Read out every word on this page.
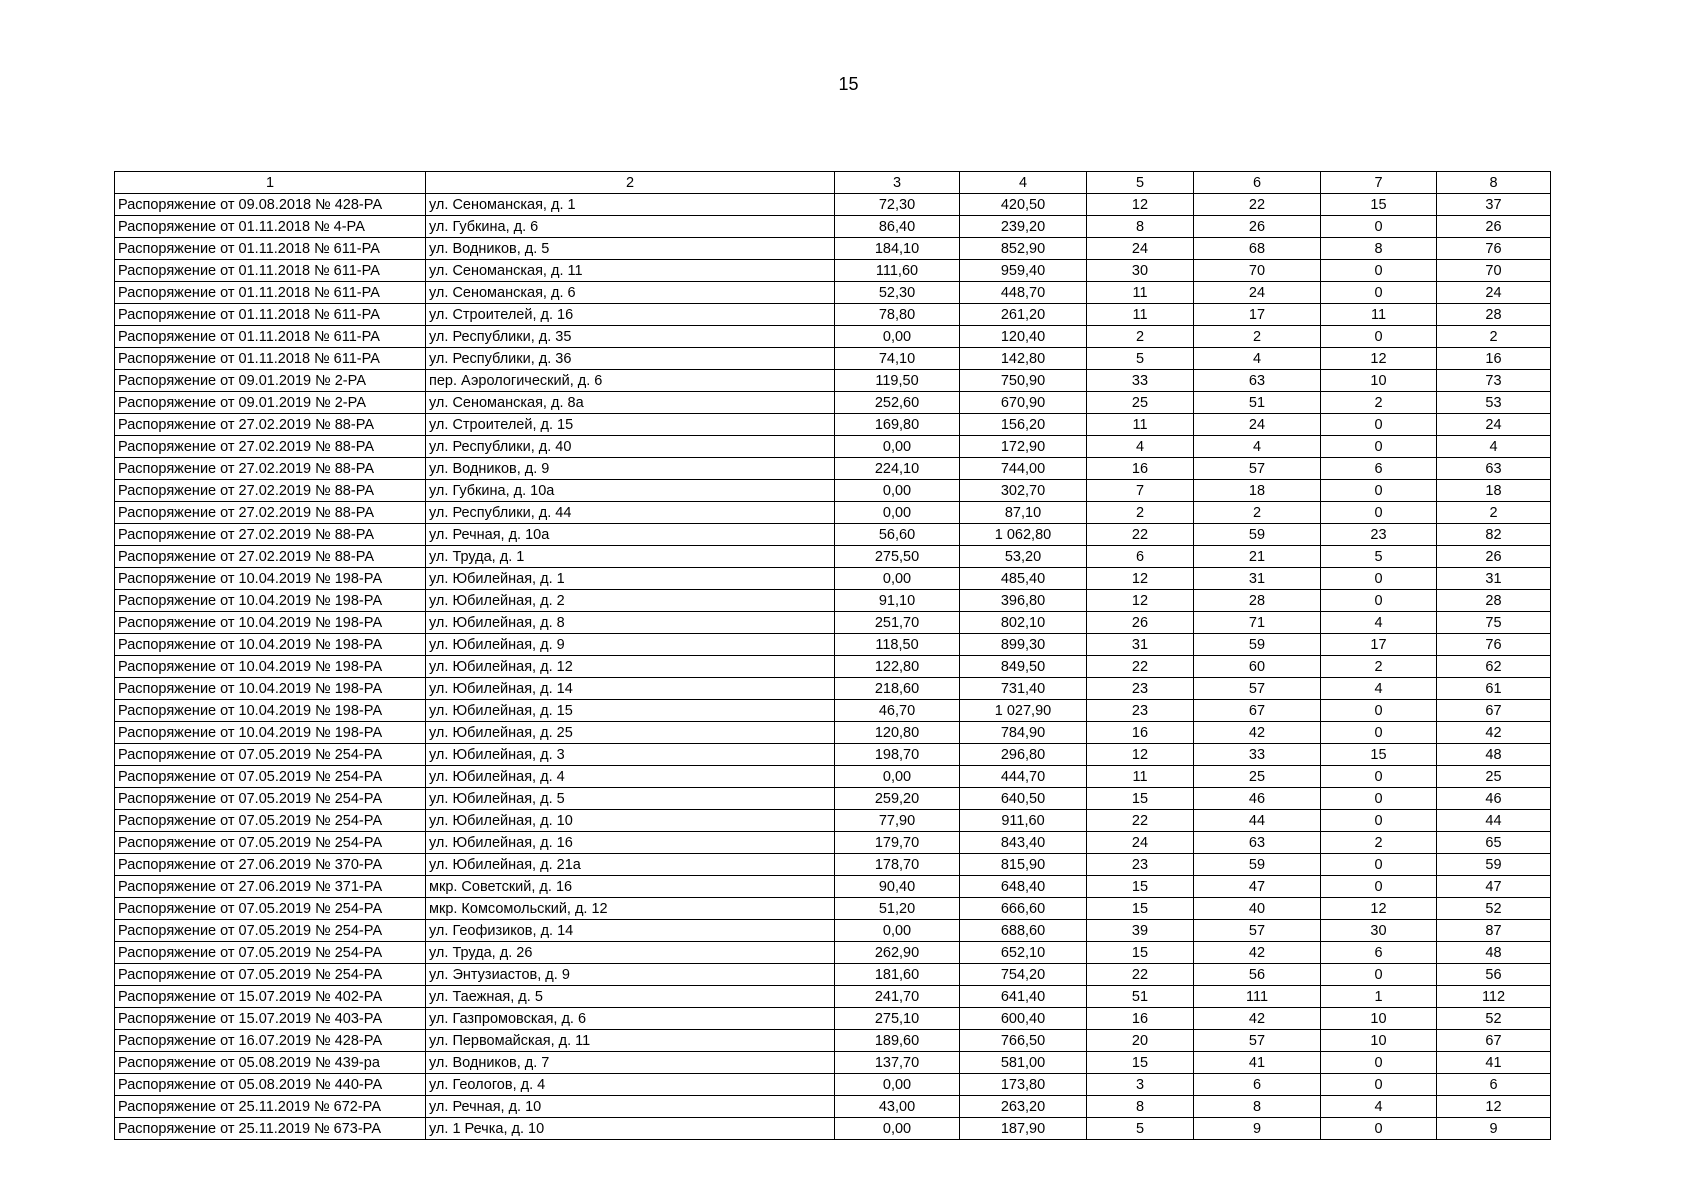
15
1	2	3	4	5	6	7	8
Распоряжение от 09.08.2018 № 428-РА	ул. Сеноманская, д. 1	72,30	420,50	12	22	15	37
Распоряжение от 01.11.2018 № 4-РА	ул. Губкина, д. 6	86,40	239,20	8	26	0	26
Распоряжение от 01.11.2018 № 611-РА	ул. Водников, д. 5	184,10	852,90	24	68	8	76
Распоряжение от 01.11.2018 № 611-РА	ул. Сеноманская, д. 11	111,60	959,40	30	70	0	70
Распоряжение от 01.11.2018 № 611-РА	ул. Сеноманская, д. 6	52,30	448,70	11	24	0	24
Распоряжение от 01.11.2018 № 611-РА	ул. Строителей, д. 16	78,80	261,20	11	17	11	28
Распоряжение от 01.11.2018 № 611-РА	ул. Республики, д. 35	0,00	120,40	2	2	0	2
Распоряжение от 01.11.2018 № 611-РА	ул. Республики, д. 36	74,10	142,80	5	4	12	16
Распоряжение от 09.01.2019 № 2-РА	пер. Аэрологический, д. 6	119,50	750,90	33	63	10	73
Распоряжение от 09.01.2019 № 2-РА	ул. Сеноманская, д. 8а	252,60	670,90	25	51	2	53
Распоряжение от 27.02.2019 № 88-РА	ул. Строителей, д. 15	169,80	156,20	11	24	0	24
Распоряжение от 27.02.2019 № 88-РА	ул. Республики, д. 40	0,00	172,90	4	4	0	4
Распоряжение от 27.02.2019 № 88-РА	ул. Водников, д. 9	224,10	744,00	16	57	6	63
Распоряжение от 27.02.2019 № 88-РА	ул. Губкина, д. 10а	0,00	302,70	7	18	0	18
Распоряжение от 27.02.2019 № 88-РА	ул. Республики, д. 44	0,00	87,10	2	2	0	2
Распоряжение от 27.02.2019 № 88-РА	ул. Речная, д. 10а	56,60	1 062,80	22	59	23	82
Распоряжение от 27.02.2019 № 88-РА	ул. Труда, д. 1	275,50	53,20	6	21	5	26
Распоряжение от 10.04.2019 № 198-РА	ул. Юбилейная, д. 1	0,00	485,40	12	31	0	31
Распоряжение от 10.04.2019 № 198-РА	ул. Юбилейная, д. 2	91,10	396,80	12	28	0	28
Распоряжение от 10.04.2019 № 198-РА	ул. Юбилейная, д. 8	251,70	802,10	26	71	4	75
Распоряжение от 10.04.2019 № 198-РА	ул. Юбилейная, д. 9	118,50	899,30	31	59	17	76
Распоряжение от 10.04.2019 № 198-РА	ул. Юбилейная, д. 12	122,80	849,50	22	60	2	62
Распоряжение от 10.04.2019 № 198-РА	ул. Юбилейная, д. 14	218,60	731,40	23	57	4	61
Распоряжение от 10.04.2019 № 198-РА	ул. Юбилейная, д. 15	46,70	1 027,90	23	67	0	67
Распоряжение от 10.04.2019 № 198-РА	ул. Юбилейная, д. 25	120,80	784,90	16	42	0	42
Распоряжение от 07.05.2019 № 254-РА	ул. Юбилейная, д. 3	198,70	296,80	12	33	15	48
Распоряжение от 07.05.2019 № 254-РА	ул. Юбилейная, д. 4	0,00	444,70	11	25	0	25
Распоряжение от 07.05.2019 № 254-РА	ул. Юбилейная, д. 5	259,20	640,50	15	46	0	46
Распоряжение от 07.05.2019 № 254-РА	ул. Юбилейная, д. 10	77,90	911,60	22	44	0	44
Распоряжение от 07.05.2019 № 254-РА	ул. Юбилейная, д. 16	179,70	843,40	24	63	2	65
Распоряжение от 27.06.2019 № 370-РА	ул. Юбилейная, д. 21а	178,70	815,90	23	59	0	59
Распоряжение от 27.06.2019 № 371-РА	мкр. Советский, д. 16	90,40	648,40	15	47	0	47
Распоряжение от 07.05.2019 № 254-РА	мкр. Комсомольский, д. 12	51,20	666,60	15	40	12	52
Распоряжение от 07.05.2019 № 254-РА	ул. Геофизиков, д. 14	0,00	688,60	39	57	30	87
Распоряжение от 07.05.2019 № 254-РА	ул. Труда, д. 26	262,90	652,10	15	42	6	48
Распоряжение от 07.05.2019 № 254-РА	ул. Энтузиастов, д. 9	181,60	754,20	22	56	0	56
Распоряжение от 15.07.2019 № 402-РА	ул. Таежная, д. 5	241,70	641,40	51	111	1	112
Распоряжение от 15.07.2019 № 403-РА	ул. Газпромовская, д. 6	275,10	600,40	16	42	10	52
Распоряжение от 16.07.2019 № 428-РА	ул. Первомайская, д. 11	189,60	766,50	20	57	10	67
Распоряжение от 05.08.2019 № 439-ра	ул. Водников, д. 7	137,70	581,00	15	41	0	41
Распоряжение от 05.08.2019 № 440-РА	ул. Геологов, д. 4	0,00	173,80	3	6	0	6
Распоряжение от 25.11.2019 № 672-РА	ул. Речная, д. 10	43,00	263,20	8	8	4	12
Распоряжение от 25.11.2019 № 673-РА	ул. 1 Речка, д. 10	0,00	187,90	5	9	0	9
